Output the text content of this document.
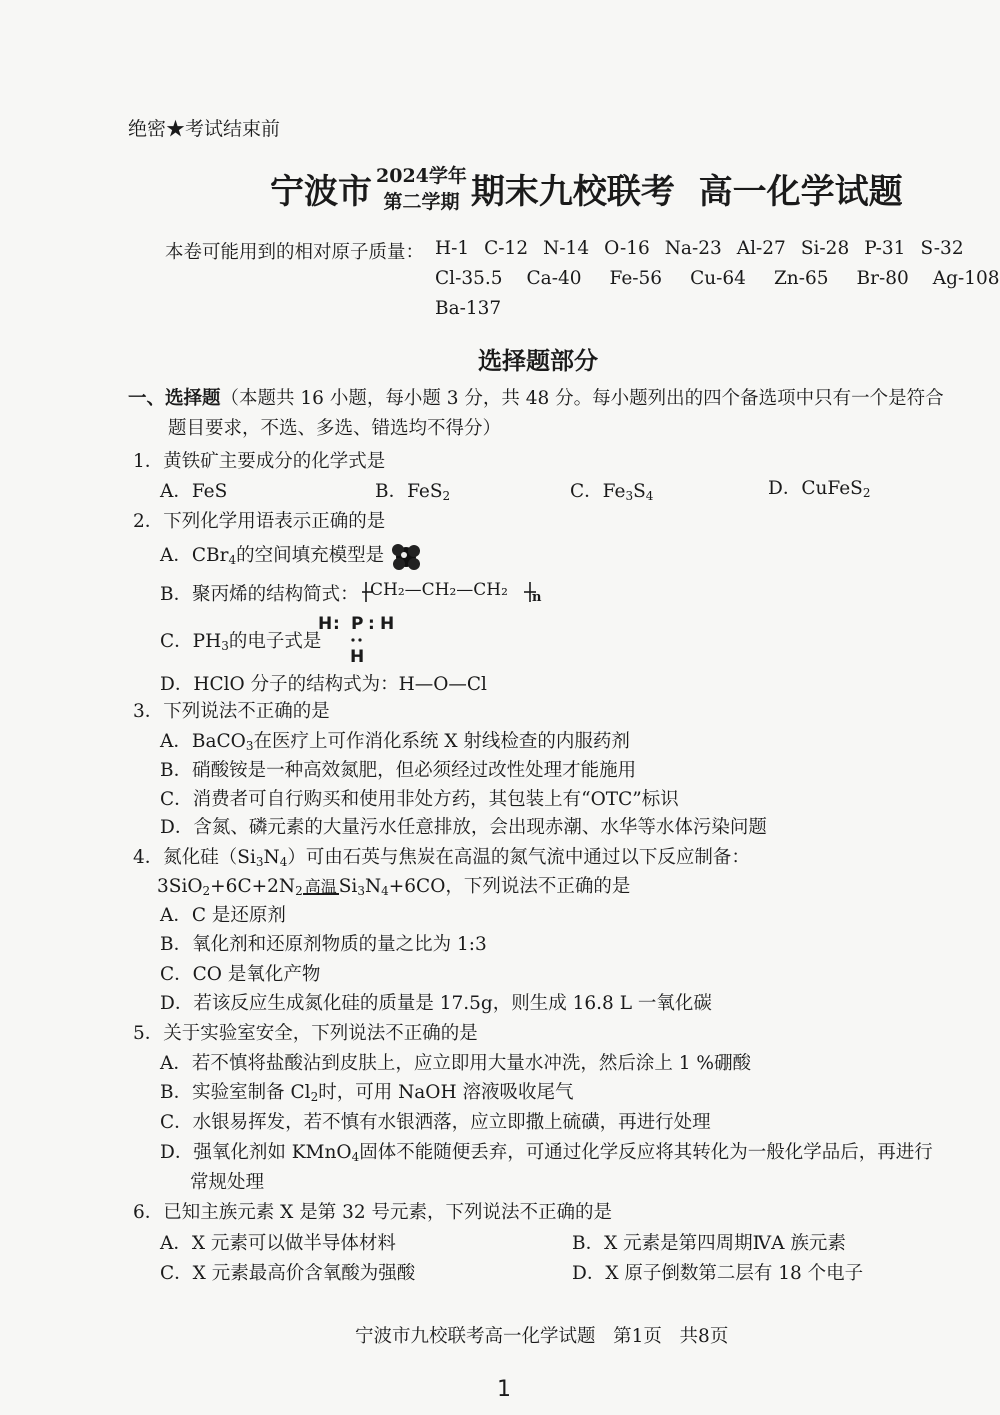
绝密★考试结束前
宁波市 2024学年
第二学期 期末九校联考  高一化学试题
本卷可能用到的相对原子质量： H-1 C-12 N-14 O-16 Na-23 Al-27 Si-28 P-31 S-32
Cl-35.5 Ca-40 Fe-56 Cu-64 Zn-65 Br-80 Ag-108
Ba-137
选择题部分
一、选择题（本题共 16 小题，每小题 3 分，共 48 分。每小题列出的四个备选项中只有一个是符合
题目要求，不选、多选、错选均不得分）
1．黄铁矿主要成分的化学式是
A．FeS	B．FeS$_2$	C．$Fe_3S_4$	D．CuFeS$_2$
2．下列化学用语表示正确的是
A．CBr$_4$的空间填充模型是
B．聚丙烯的结构简式： CH₂—CH₂—CH₂ n
C．$PH_3$的电子式是
H : P : H
H
D．HClO 分子的结构式为：H—O—Cl
3．下列说法不正确的是
A．BaCO$_3$在医疗上可作消化系统 X 射线检查的内服药剂
B．硝酸铵是一种高效氮肥，但必须经过改性处理才能施用
C．消费者可自行购买和使用非处方药，其包装上有“OTC”标识
D．含氮、磷元素的大量污水任意排放，会出现赤潮、水华等水体污染问题
4．氮化硅$(Si_3N_4)$可由石英与焦炭在高温的氮气流中通过以下反应制备：
$3SiO_2+6C+2N_2$ 高温 $Si_3N_4+6CO$，下列说法不正确的是
A．C 是还原剂
B．氧化剂和还原剂物质的量之比为 1:3
C．CO 是氧化产物
D．若该反应生成氮化硅的质量是 17.5g，则生成 16.8 L 一氧化碳
5．关于实验室安全，下列说法不正确的是
A．若不慎将盐酸沾到皮肤上，应立即用大量水冲洗，然后涂上 1 %硼酸
B．实验室制备 $Cl_2$时，可用 NaOH 溶液吸收尾气
C．水银易挥发，若不慎有水银洒落，应立即撒上硫磺，再进行处理
D．强氧化剂如 KMnO$_4$固体不能随便丢弃，可通过化学反应将其转化为一般化学品后，再进行
常规处理
6．已知主族元素 X 是第 32 号元素，下列说法不正确的是
A．X 元素可以做半导体材料	B．X 元素是第四周期ⅣA 族元素
C．X 元素最高价含氧酸为强酸	D．X 原子倒数第二层有 18 个电子
宁波市九校联考高一化学试题   第1页   共8页
1
